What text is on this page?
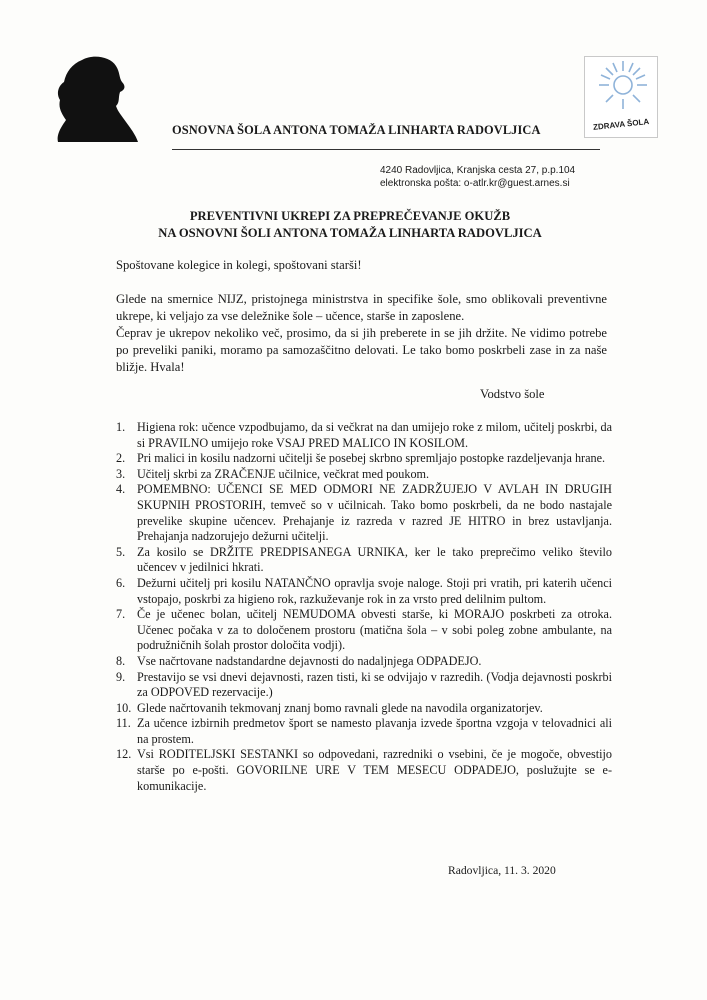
ZDRAVA ŠOLA
OSNOVNA ŠOLA ANTONA TOMAŽA LINHARTA RADOVLJICA
4240 Radovljica, Kranjska cesta 27, p.p.104
elektronska pošta: o-atlr.kr@guest.arnes.si
PREVENTIVNI UKREPI ZA PREPREČEVANJE OKUŽB
NA OSNOVNI ŠOLI ANTONA TOMAŽA LINHARTA RADOVLJICA
Spoštovane kolegice in kolegi, spoštovani starši!

Glede na smernice NIJZ, pristojnega ministrstva in specifike šole, smo oblikovali preventivne ukrepe, ki veljajo za vse deležnike šole – učence, starše in zaposlene.

Čeprav je ukrepov nekoliko več, prosimo, da si jih preberete in se jih držite. Ne vidimo potrebe po preveliki paniki, moramo pa samozaščitno delovati. Le tako bomo poskrbeli zase in za naše bližje. Hvala!

Vodstvo šole
1. Higiena rok: učence vzpodbujamo, da si večkrat na dan umijejo roke z milom, učitelj poskrbi, da si PRAVILNO umijejo roke VSAJ PRED MALICO IN KOSILOM.
2. Pri malici in kosilu nadzorni učitelji še posebej skrbno spremljajo postopke razdeljevanja hrane.
3. Učitelj skrbi za ZRAČENJE učilnice, večkrat med poukom.
4. POMEMBNO: UČENCI SE MED ODMORI NE ZADRŽUJEJO V AVLAH IN DRUGIH SKUPNIH PROSTORIH, temveč so v učilnicah. Tako bomo poskrbeli, da ne bodo nastajale prevelike skupine učencev. Prehajanje iz razreda v razred JE HITRO in brez ustavljanja. Prehajanja nadzorujejo dežurni učitelji.
5. Za kosilo se DRŽITE PREDPISANEGA URNIKA, ker le tako preprečimo veliko število učencev v jedilnici hkrati.
6. Dežurni učitelj pri kosilu NATANČNO opravlja svoje naloge. Stoji pri vratih, pri katerih učenci vstopajo, poskrbi za higieno rok, razkuževanje rok in za vrsto pred delilnim pultom.
7. Če je učenec bolan, učitelj NEMUDOMA obvesti starše, ki MORAJO poskrbeti za otroka. Učenec počaka v za to določenem prostoru (matična šola – v sobi poleg zobne ambulante, na podružničnih šolah prostor določita vodji).
8. Vse načrtovane nadstandardne dejavnosti do nadaljnjega ODPADEJO.
9. Prestavijo se vsi dnevi dejavnosti, razen tisti, ki se odvijajo v razredih. (Vodja dejavnosti poskrbi za ODPOVED rezervacije.)
10. Glede načrtovanih tekmovanj znanj bomo ravnali glede na navodila organizatorjev.
11. Za učence izbirnih predmetov šport se namesto plavanja izvede športna vzgoja v telovadnici ali na prostem.
12. Vsi RODITELJSKI SESTANKI so odpovedani, razredniki o vsebini, če je mogoče, obvestijo starše po e-pošti. GOVORILNE URE V TEM MESECU ODPADEJO, poslužujte se e-komunikacije.
Radovljica, 11. 3. 2020
